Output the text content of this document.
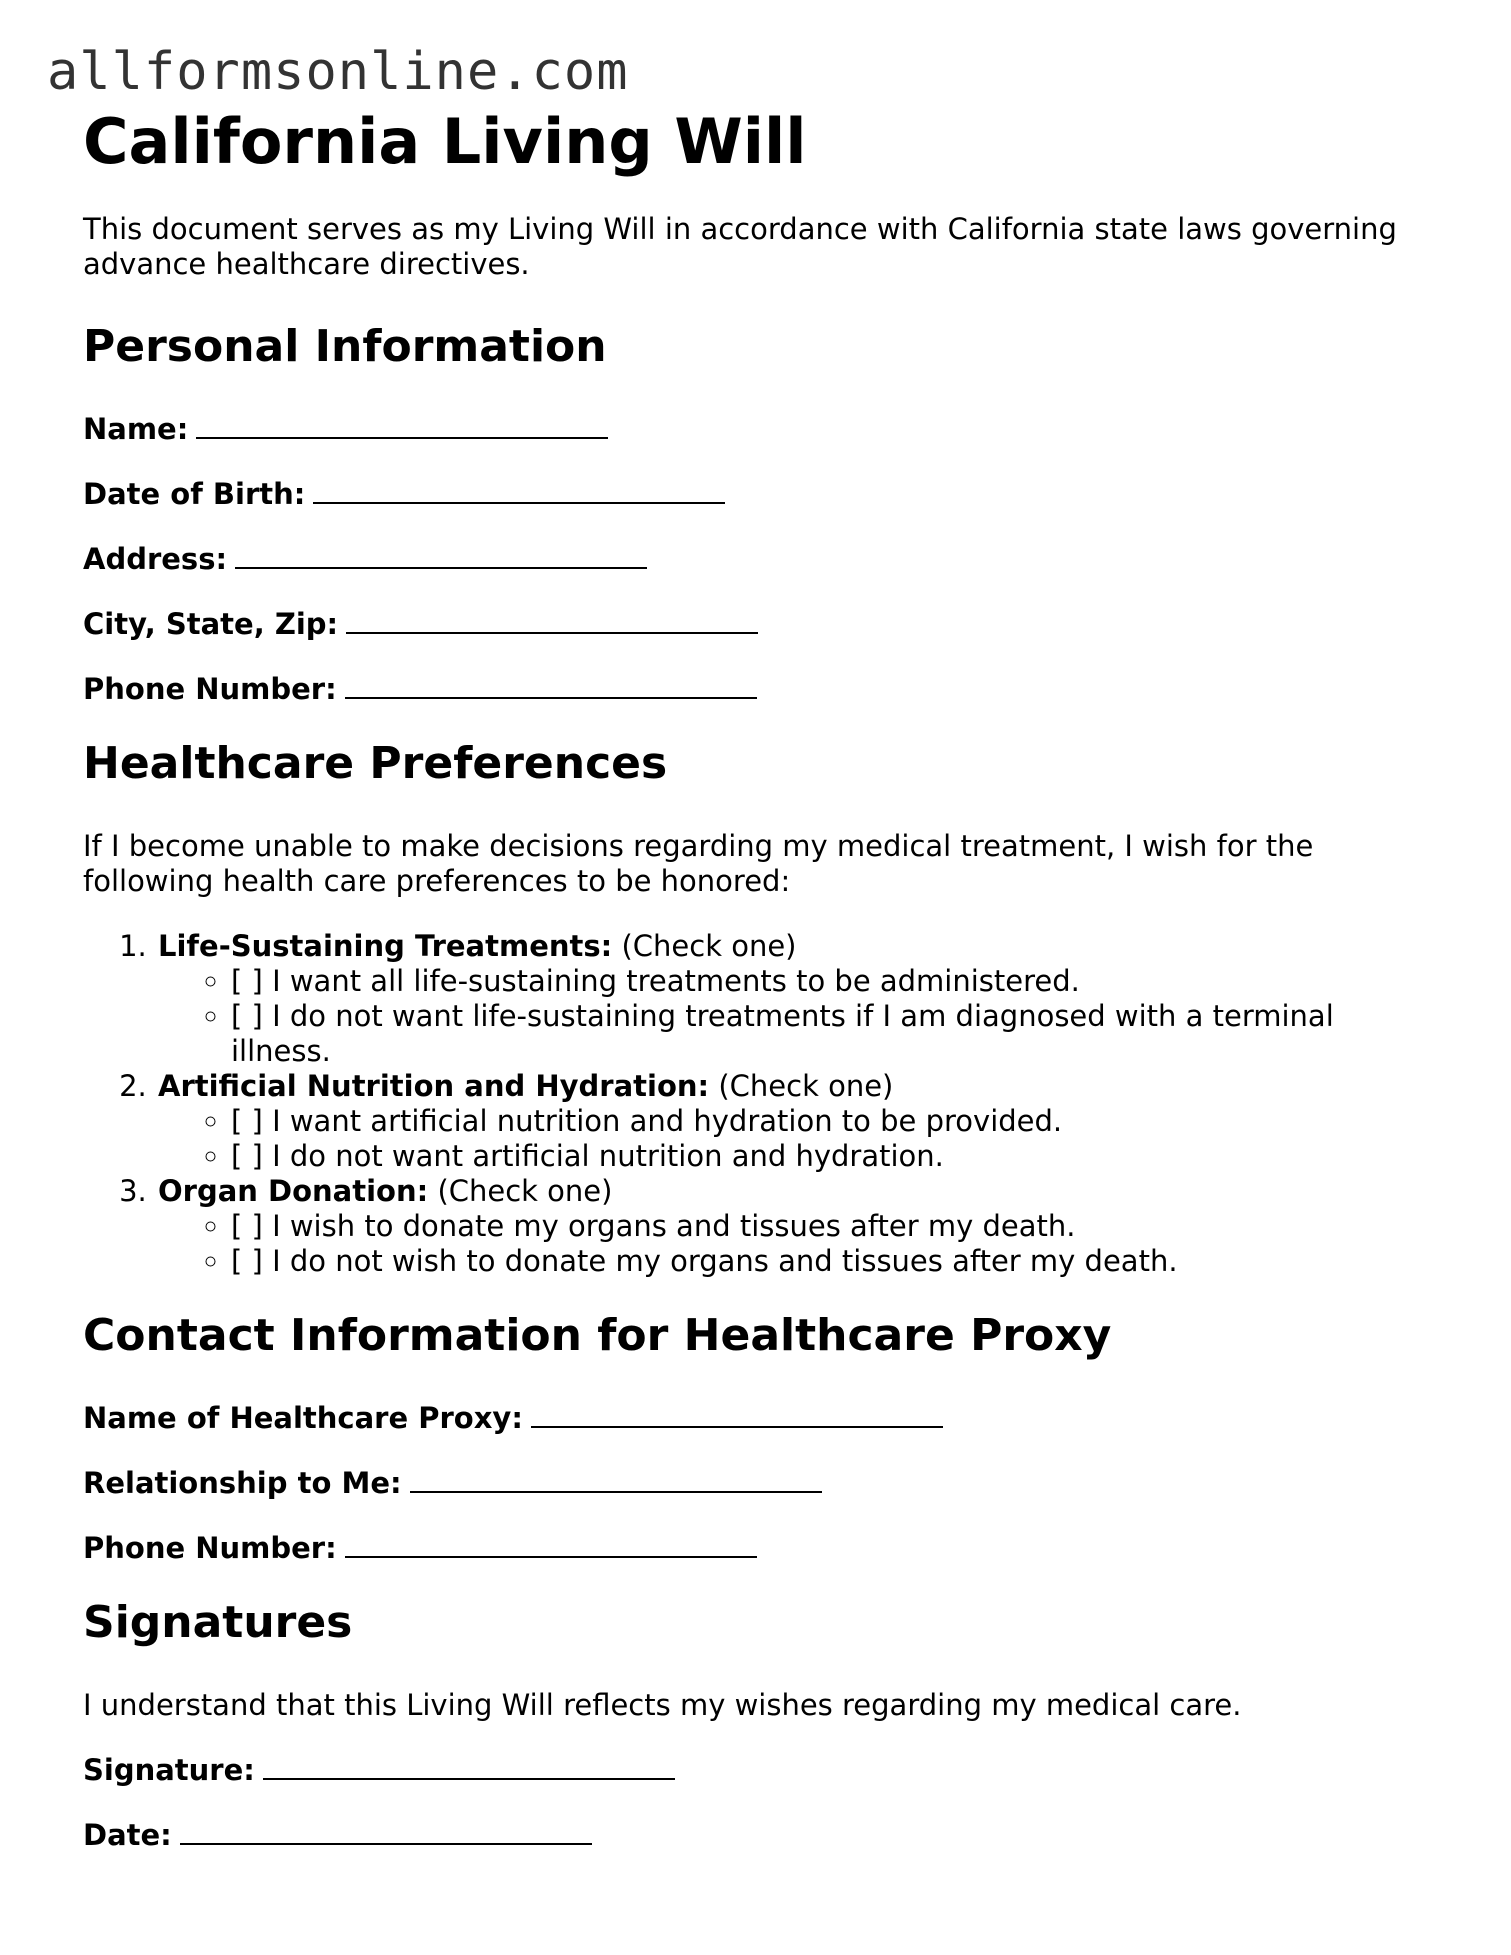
allformsonline.com
California Living Will

This document serves as my Living Will in accordance with California state laws governing advance healthcare directives.

Personal Information
Name:
Date of Birth:
Address:
City, State, Zip:
Phone Number:
Healthcare Preferences
If I become unable to make decisions regarding my medical treatment, I wish for the following health care preferences to be honored:
1. Life-Sustaining Treatments: (Check one)
◦ [ ] I want all life-sustaining treatments to be administered.
◦ [ ] I do not want life-sustaining treatments if I am diagnosed with a terminal illness.
2. Artificial Nutrition and Hydration: (Check one)
◦ [ ] I want artificial nutrition and hydration to be provided.
◦ [ ] I do not want artificial nutrition and hydration.
3. Organ Donation: (Check one)
◦ [ ] I wish to donate my organs and tissues after my death.
◦ [ ] I do not wish to donate my organs and tissues after my death.
Contact Information for Healthcare Proxy
Name of Healthcare Proxy:
Relationship to Me:
Phone Number:
Signatures
I understand that this Living Will reflects my wishes regarding my medical care.
Signature:
Date:
